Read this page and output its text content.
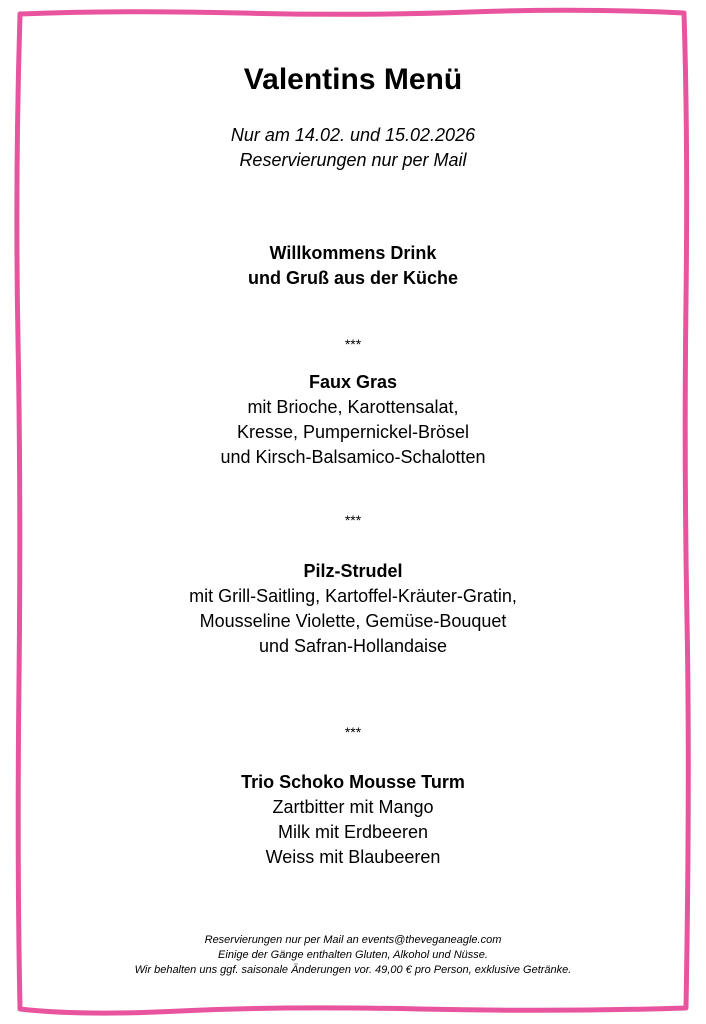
Valentins Menü

Nur am 14.02. und 15.02.2026
Reservierungen nur per Mail

Willkommens Drink
und Gruß aus der Küche

***

Faux Gras
mit Brioche, Karottensalat,
Kresse, Pumpernickel-Brösel
und Kirsch-Balsamico-Schalotten

***

Pilz-Strudel
mit Grill-Saitling, Kartoffel-Kräuter-Gratin,
Mousseline Violette, Gemüse-Bouquet
und Safran-Hollandaise

***

Trio Schoko Mousse Turm
Zartbitter mit Mango
Milk mit Erdbeeren
Weiss mit Blaubeeren

Reservierungen nur per Mail an events@theveganeagle.com
Einige der Gänge enthalten Gluten, Alkohol und Nüsse.
Wir behalten uns ggf. saisonale Änderungen vor. 49,00 € pro Person, exklusive Getränke.
